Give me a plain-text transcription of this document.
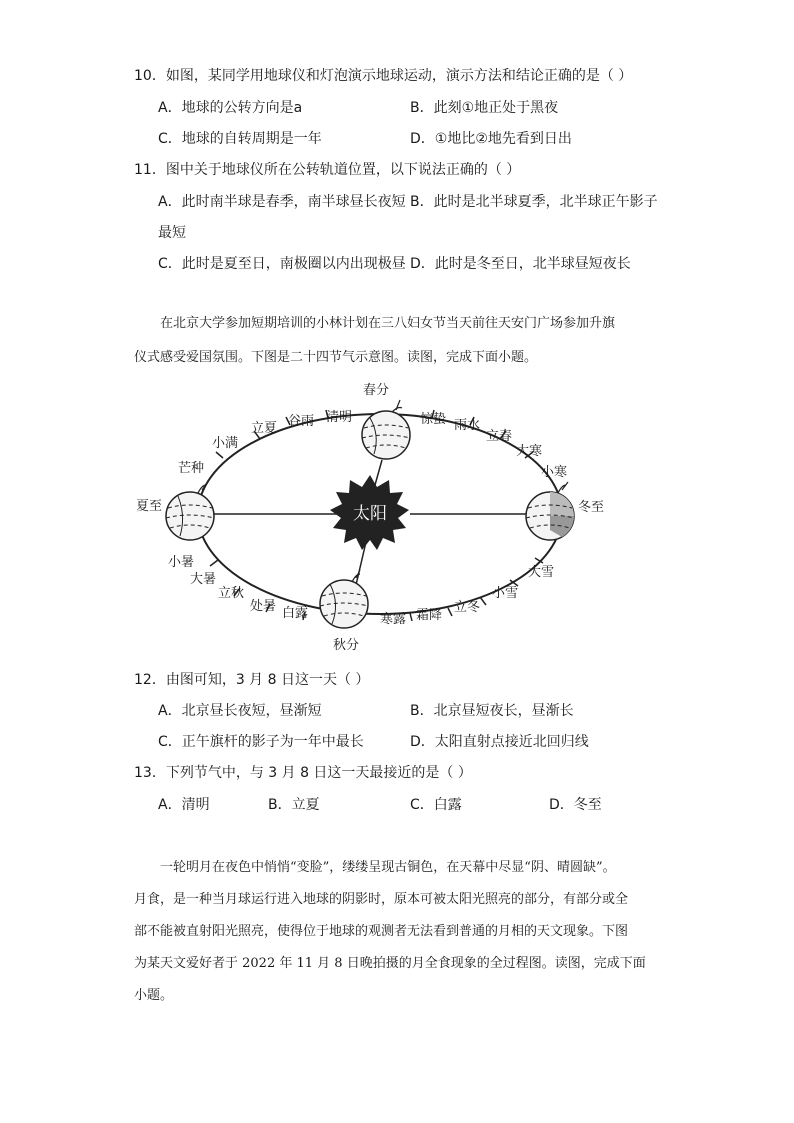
10．如图，某同学用地球仪和灯泡演示地球运动，演示方法和结论正确的是（ ）
A．地球的公转方向是a	B．此刻①地正处于黑夜
C．地球的自转周期是一年	D．①地比②地先看到日出
11．图中关于地球仪所在公转轨道位置，以下说法正确的（ ）
A．此时南半球是春季，南半球昼长夜短 B．此时是北半球夏季，北半球正午影子
最短
C．此时是夏至日，南极圈以内出现极昼 D．此时是冬至日，北半球昼短夜长

在北京大学参加短期培训的小林计划在三八妇女节当天前往天安门广场参加升旗

仪式感受爱国氛围。下图是二十四节气示意图。读图，完成下面小题。

太阳
春分
秋分
夏至	冬至
立夏 谷雨 清明	惊蛰 雨水
立春
大寒
小寒
小满
芒种
小暑
大暑
立秋
处暑 白露	寒露 霜降
立冬
小雪
大雪
12．由图可知，3 月 8 日这一天（ ）
A．北京昼长夜短，昼渐短	B．北京昼短夜长，昼渐长
C．正午旗杆的影子为一年中最长	D．太阳直射点接近北回归线
13．下列节气中，与 3 月 8 日这一天最接近的是（ ）
A．清明	B．立夏	C．白露	D．冬至

一轮明月在夜色中悄悄“变脸”，缕缕呈现古铜色，在天幕中尽显“阴、晴圆缺”。

月食，是一种当月球运行进入地球的阴影时，原本可被太阳光照亮的部分，有部分或全

部不能被直射阳光照亮，使得位于地球的观测者无法看到普通的月相的天文现象。下图

为某天文爱好者于 2022 年 11 月 8 日晚拍摄的月全食现象的全过程图。读图，完成下面

小题。
